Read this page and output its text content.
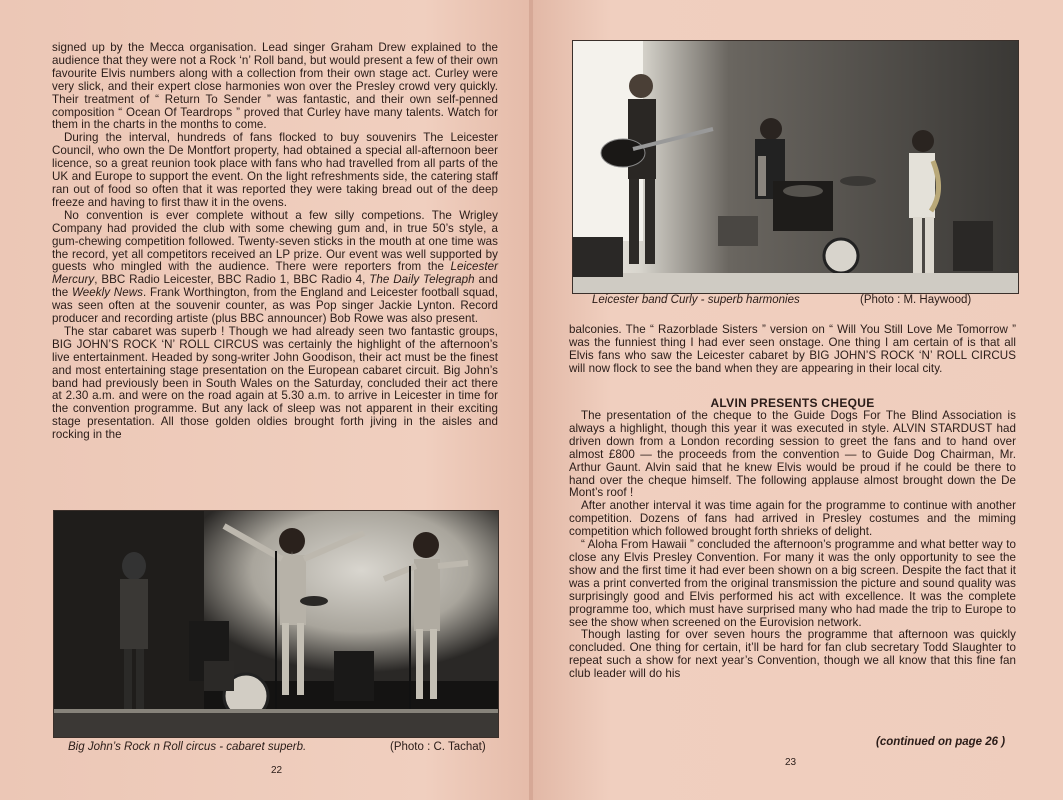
signed up by the Mecca organisation. Lead singer Graham Drew explained to the audience that they were not a Rock ‘n’ Roll band, but would present a few of their own favourite Elvis numbers along with a collection from their own stage act. Curley were very slick, and their expert close harmonies won over the Presley crowd very quickly. Their treatment of “ Return To Sender ” was fantastic, and their own self-penned composition “ Ocean Of Teardrops ” proved that Curley have many talents. Watch for them in the charts in the months to come.

During the interval, hundreds of fans flocked to buy souvenirs The Leicester Council, who own the De Montfort property, had obtained a special all-afternoon beer licence, so a great reunion took place with fans who had travelled from all parts of the UK and Europe to support the event. On the light refreshments side, the catering staff ran out of food so often that it was reported they were taking bread out of the deep freeze and having to first thaw it in the ovens.

No convention is ever complete without a few silly competions. The Wrigley Company had provided the club with some chewing gum and, in true 50’s style, a gum-chewing competition followed. Twenty-seven sticks in the mouth at one time was the record, yet all competitors received an LP prize. Our event was well supported by guests who mingled with the audience. There were reporters from the Leicester Mercury, BBC Radio Leicester, BBC Radio 1, BBC Radio 4, The Daily Telegraph and the Weekly News. Frank Worthington, from the England and Leicester football squad, was seen often at the souvenir counter, as was Pop singer Jackie Lynton. Record producer and recording artiste (plus BBC announcer) Bob Rowe was also present.

The star cabaret was superb ! Though we had already seen two fantastic groups, BIG JOHN’S ROCK ‘N’ ROLL CIRCUS was certainly the highlight of the afternoon’s live entertainment. Headed by song-writer John Goodison, their act must be the finest and most entertaining stage presentation on the European cabaret circuit. Big John’s band had previously been in South Wales on the Saturday, concluded their act there at 2.30 a.m. and were on the road again at 5.30 a.m. to arrive in Leicester in time for the convention programme. But any lack of sleep was not apparent in their exciting stage presentation. All those golden oldies brought forth jiving in the aisles and rocking in the

Big John’s Rock n Roll circus - cabaret superb.	(Photo : C. Tachat)
22
Leicester band Curly - superb harmonies	(Photo : M. Haywood)

balconies. The “ Razorblade Sisters ” version on “ Will You Still Love Me Tomorrow ” was the funniest thing I had ever seen onstage. One thing I am certain of is that all Elvis fans who saw the Leicester cabaret by BIG JOHN’S ROCK ‘N’ ROLL CIRCUS will now flock to see the band when they are appearing in their local city.

ALVIN PRESENTS CHEQUE

The presentation of the cheque to the Guide Dogs For The Blind Association is always a highlight, though this year it was executed in style. ALVIN STARDUST had driven down from a London recording session to greet the fans and to hand over almost £800 — the proceeds from the convention — to Guide Dog Chairman, Mr. Arthur Gaunt. Alvin said that he knew Elvis would be proud if he could be there to hand over the cheque himself. The following applause almost brought down the De Mont’s roof !

After another interval it was time again for the programme to continue with another competition. Dozens of fans had arrived in Presley costumes and the miming competition which followed brought forth shrieks of delight.

“ Aloha From Hawaii ” concluded the afternoon’s programme and what better way to close any Elvis Presley Convention. For many it was the only opportunity to see the show and the first time it had ever been shown on a big screen. Despite the fact that it was a print converted from the original transmission the picture and sound quality was surprisingly good and Elvis performed his act with excellence. It was the complete programme too, which must have surprised many who had made the trip to Europe to see the show when screened on the Eurovision network.

Though lasting for over seven hours the programme that afternoon was quickly concluded. One thing for certain, it’ll be hard for fan club secretary Todd Slaughter to repeat such a show for next year’s Convention, though we all know that this fine fan club leader will do his

(continued on page 26 )
23
